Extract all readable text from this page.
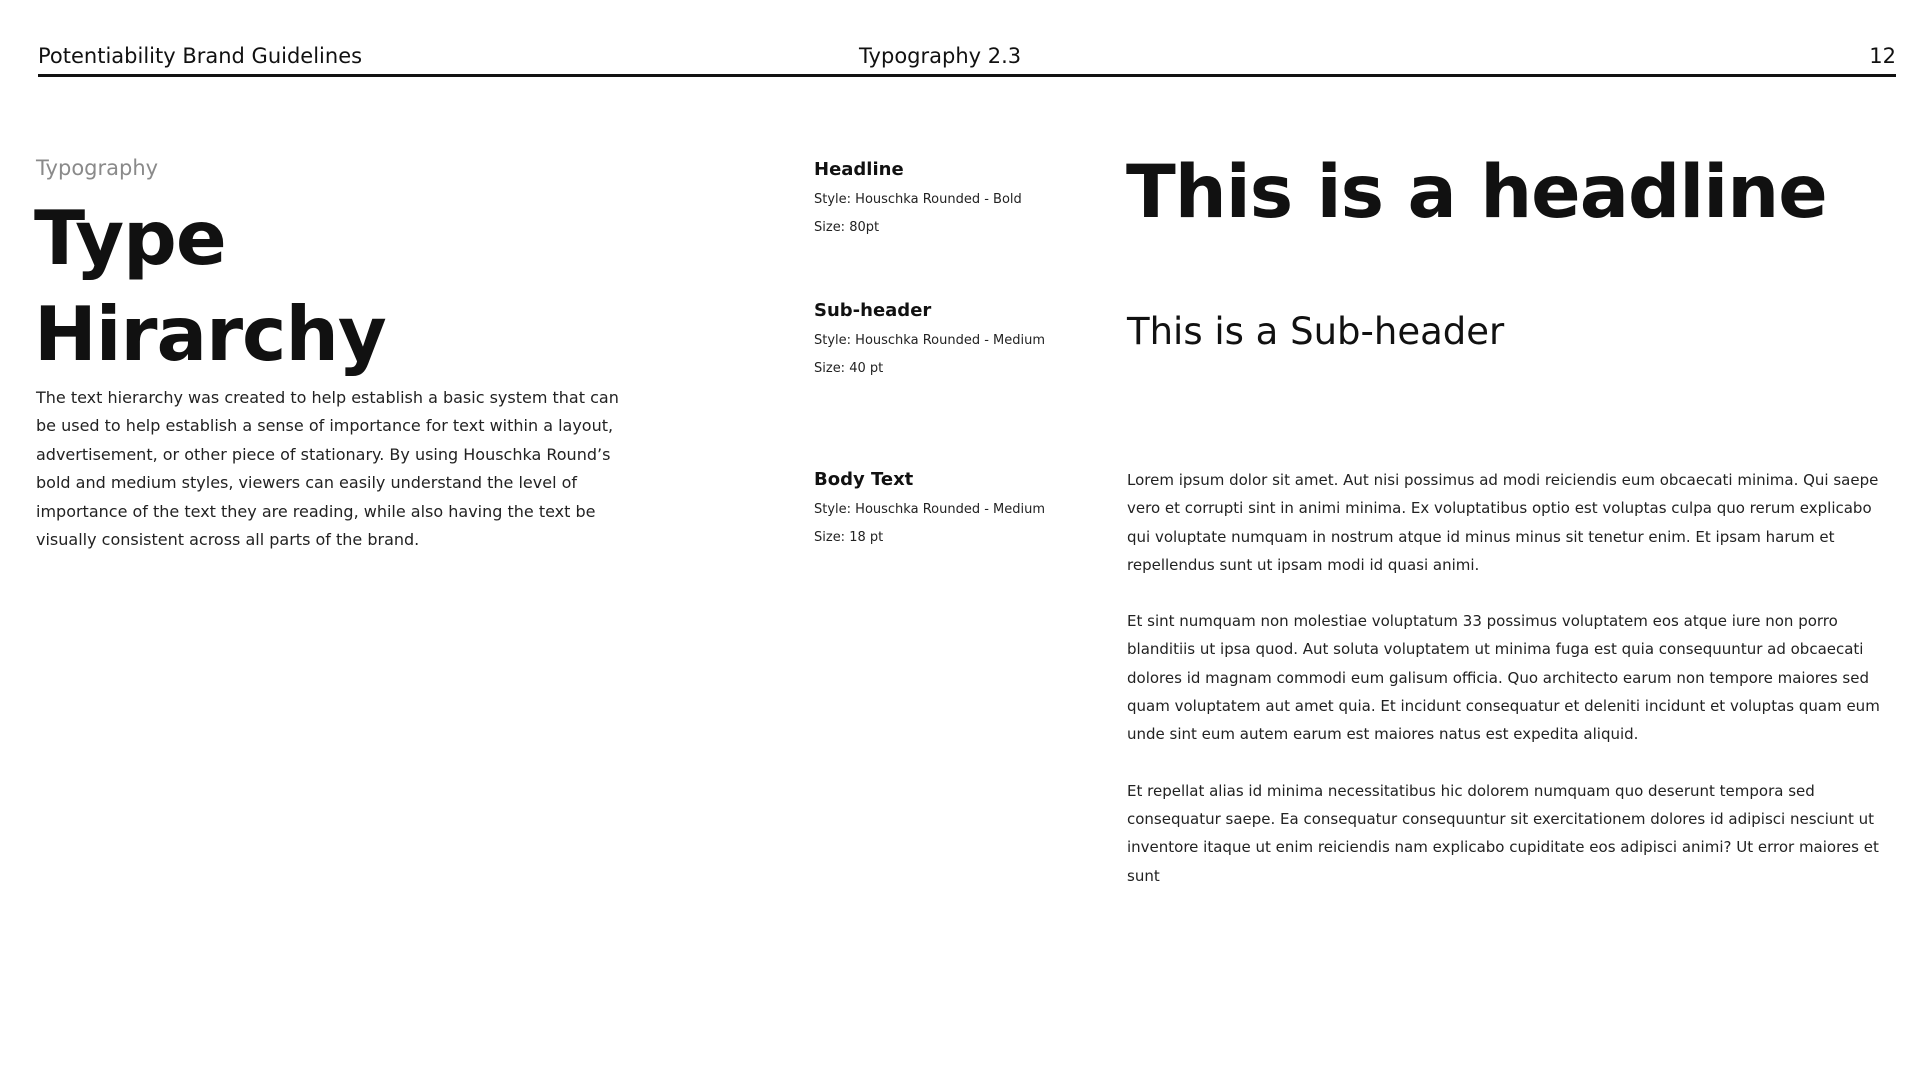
Potentiability Brand Guidelines	Typography 2.3	12
Typography
Type
Hirarchy
The text hierarchy was created to help establish a basic system that can be used to help establish a sense of importance for text within a layout, advertisement, or other piece of stationary. By using Houschka Round’s bold and medium styles, viewers can easily understand the level of importance of the text they are reading, while also having the text be visually consistent across all parts of the brand.
Headline
Style: Houschka Rounded - Bold
Size: 80pt
Sub-header
Style: Houschka Rounded - Medium
Size: 40 pt
Body Text
Style: Houschka Rounded - Medium
Size: 18 pt
This is a headline
This is a Sub-header

Lorem ipsum dolor sit amet. Aut nisi possimus ad modi reiciendis eum obcaecati minima. Qui saepe vero et corrupti sint in animi minima. Ex voluptatibus optio est voluptas culpa quo rerum explicabo qui voluptate numquam in nostrum atque id minus minus sit tenetur enim. Et ipsam harum et repellendus sunt ut ipsam modi id quasi animi.

Et sint numquam non molestiae voluptatum 33 possimus voluptatem eos atque iure non porro blanditiis ut ipsa quod. Aut soluta voluptatem ut minima fuga est quia consequuntur ad obcaecati dolores id magnam commodi eum galisum officia. Quo architecto earum non tempore maiores sed quam voluptatem aut amet quia. Et incidunt consequatur et deleniti incidunt et voluptas quam eum unde sint eum autem earum est maiores natus est expedita aliquid.

Et repellat alias id minima necessitatibus hic dolorem numquam quo deserunt tempora sed consequatur saepe. Ea consequatur consequuntur sit exercitationem dolores id adipisci nesciunt ut inventore itaque ut enim reiciendis nam explicabo cupiditate eos adipisci animi? Ut error maiores et sunt
